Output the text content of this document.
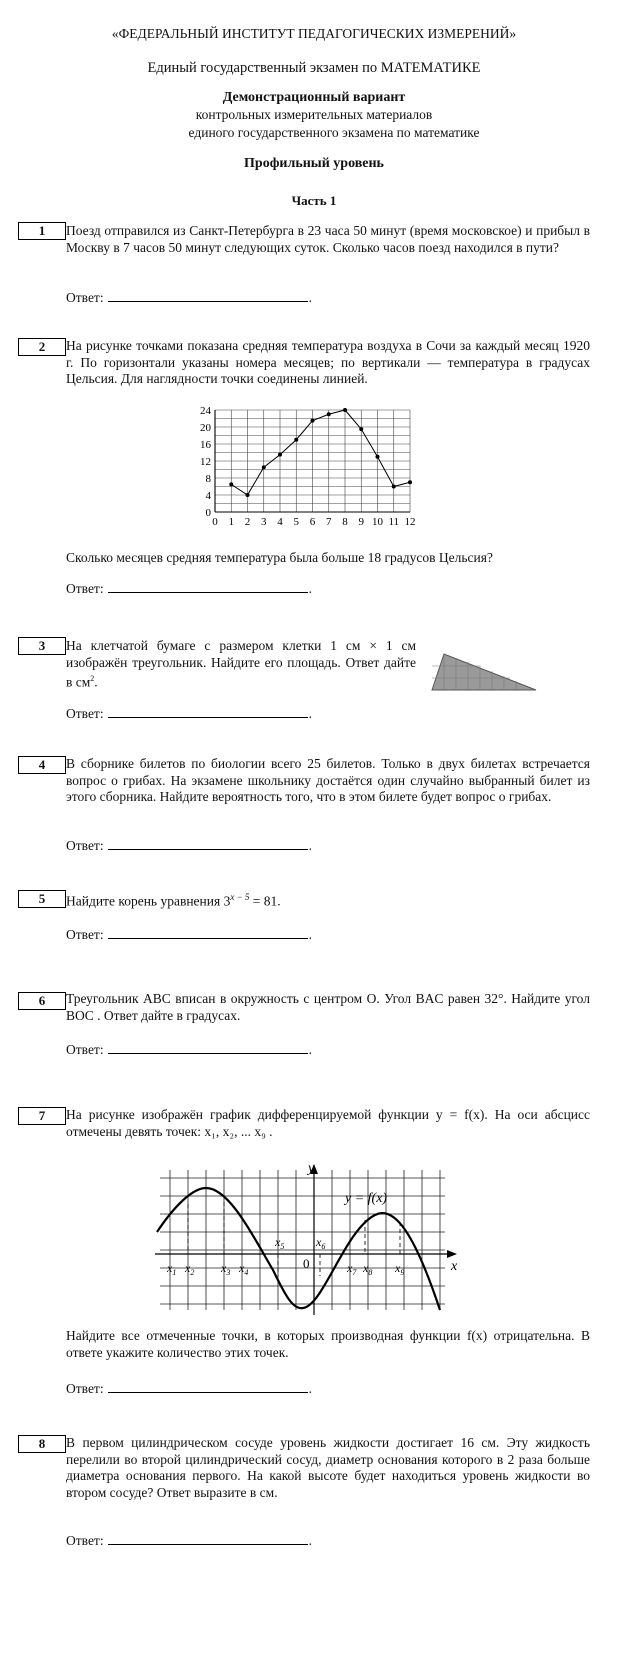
«ФЕДЕРАЛЬНЫЙ ИНСТИТУТ ПЕДАГОГИЧЕСКИХ ИЗМЕРЕНИЙ»
Единый государственный экзамен по МАТЕМАТИКЕ
Демонстрационный вариант
контрольных измерительных материалов
единого государственного экзамена по математике
Профильный уровень
Часть 1
1	Поезд отправился из Санкт-Петербурга в 23 часа 50 минут (время московское) и прибыл в Москву в 7 часов 50 минут следующих суток. Сколько часов поезд находился в пути?
Ответ:	.
2	На рисунке точками показана средняя температура воздуха в Сочи за каждый месяц 1920 г. По горизонтали указаны номера месяцев; по вертикали — температура в градусах Цельсия. Для наглядности точки соединены линией.
0
4
8
12
16
20
24
0 1 2 3 4 5 6 7 8 9 10 11 12
Сколько месяцев средняя температура была больше 18 градусов Цельсия?
Ответ:	.
3	На клетчатой бумаге с размером клетки 1 см × 1 см изображён треугольник. Найдите его площадь. Ответ дайте в $см^2$.
Ответ:	.
4	В сборнике билетов по биологии всего 25 билетов. Только в двух билетах встречается вопрос о грибах. На экзамене школьнику достаётся один случайно выбранный билет из этого сборника. Найдите вероятность того, что в этом билете будет вопрос о грибах.
Ответ:	.
5	Найдите корень уравнения $3^{x - 5} = 81$.
Ответ:	.
6	Треугольник ABC вписан в окружность с центром O. Угол BAC равен 32°. Найдите угол BOC . Ответ дайте в градусах.
Ответ:	.
7	На рисунке изображён график дифференцируемой функции y = f(x). На оси абсцисс отмечены девять точек: x₁, x₂, ... x₉ .
y
x
0
y = f(x)
$x_1$ $x_2$ $x_3$ $x_4$
$x_5$	$x_6$
$x_7$ $x_8$ $x_9$
Найдите все отмеченные точки, в которых производная функции f(x) отрицательна. В ответе укажите количество этих точек.
Ответ:	.
8	В первом цилиндрическом сосуде уровень жидкости достигает 16 см. Эту жидкость перелили во второй цилиндрический сосуд, диаметр основания которого в 2 раза больше диаметра основания первого. На какой высоте будет находиться уровень жидкости во втором сосуде? Ответ выразите в см.
Ответ:	.
